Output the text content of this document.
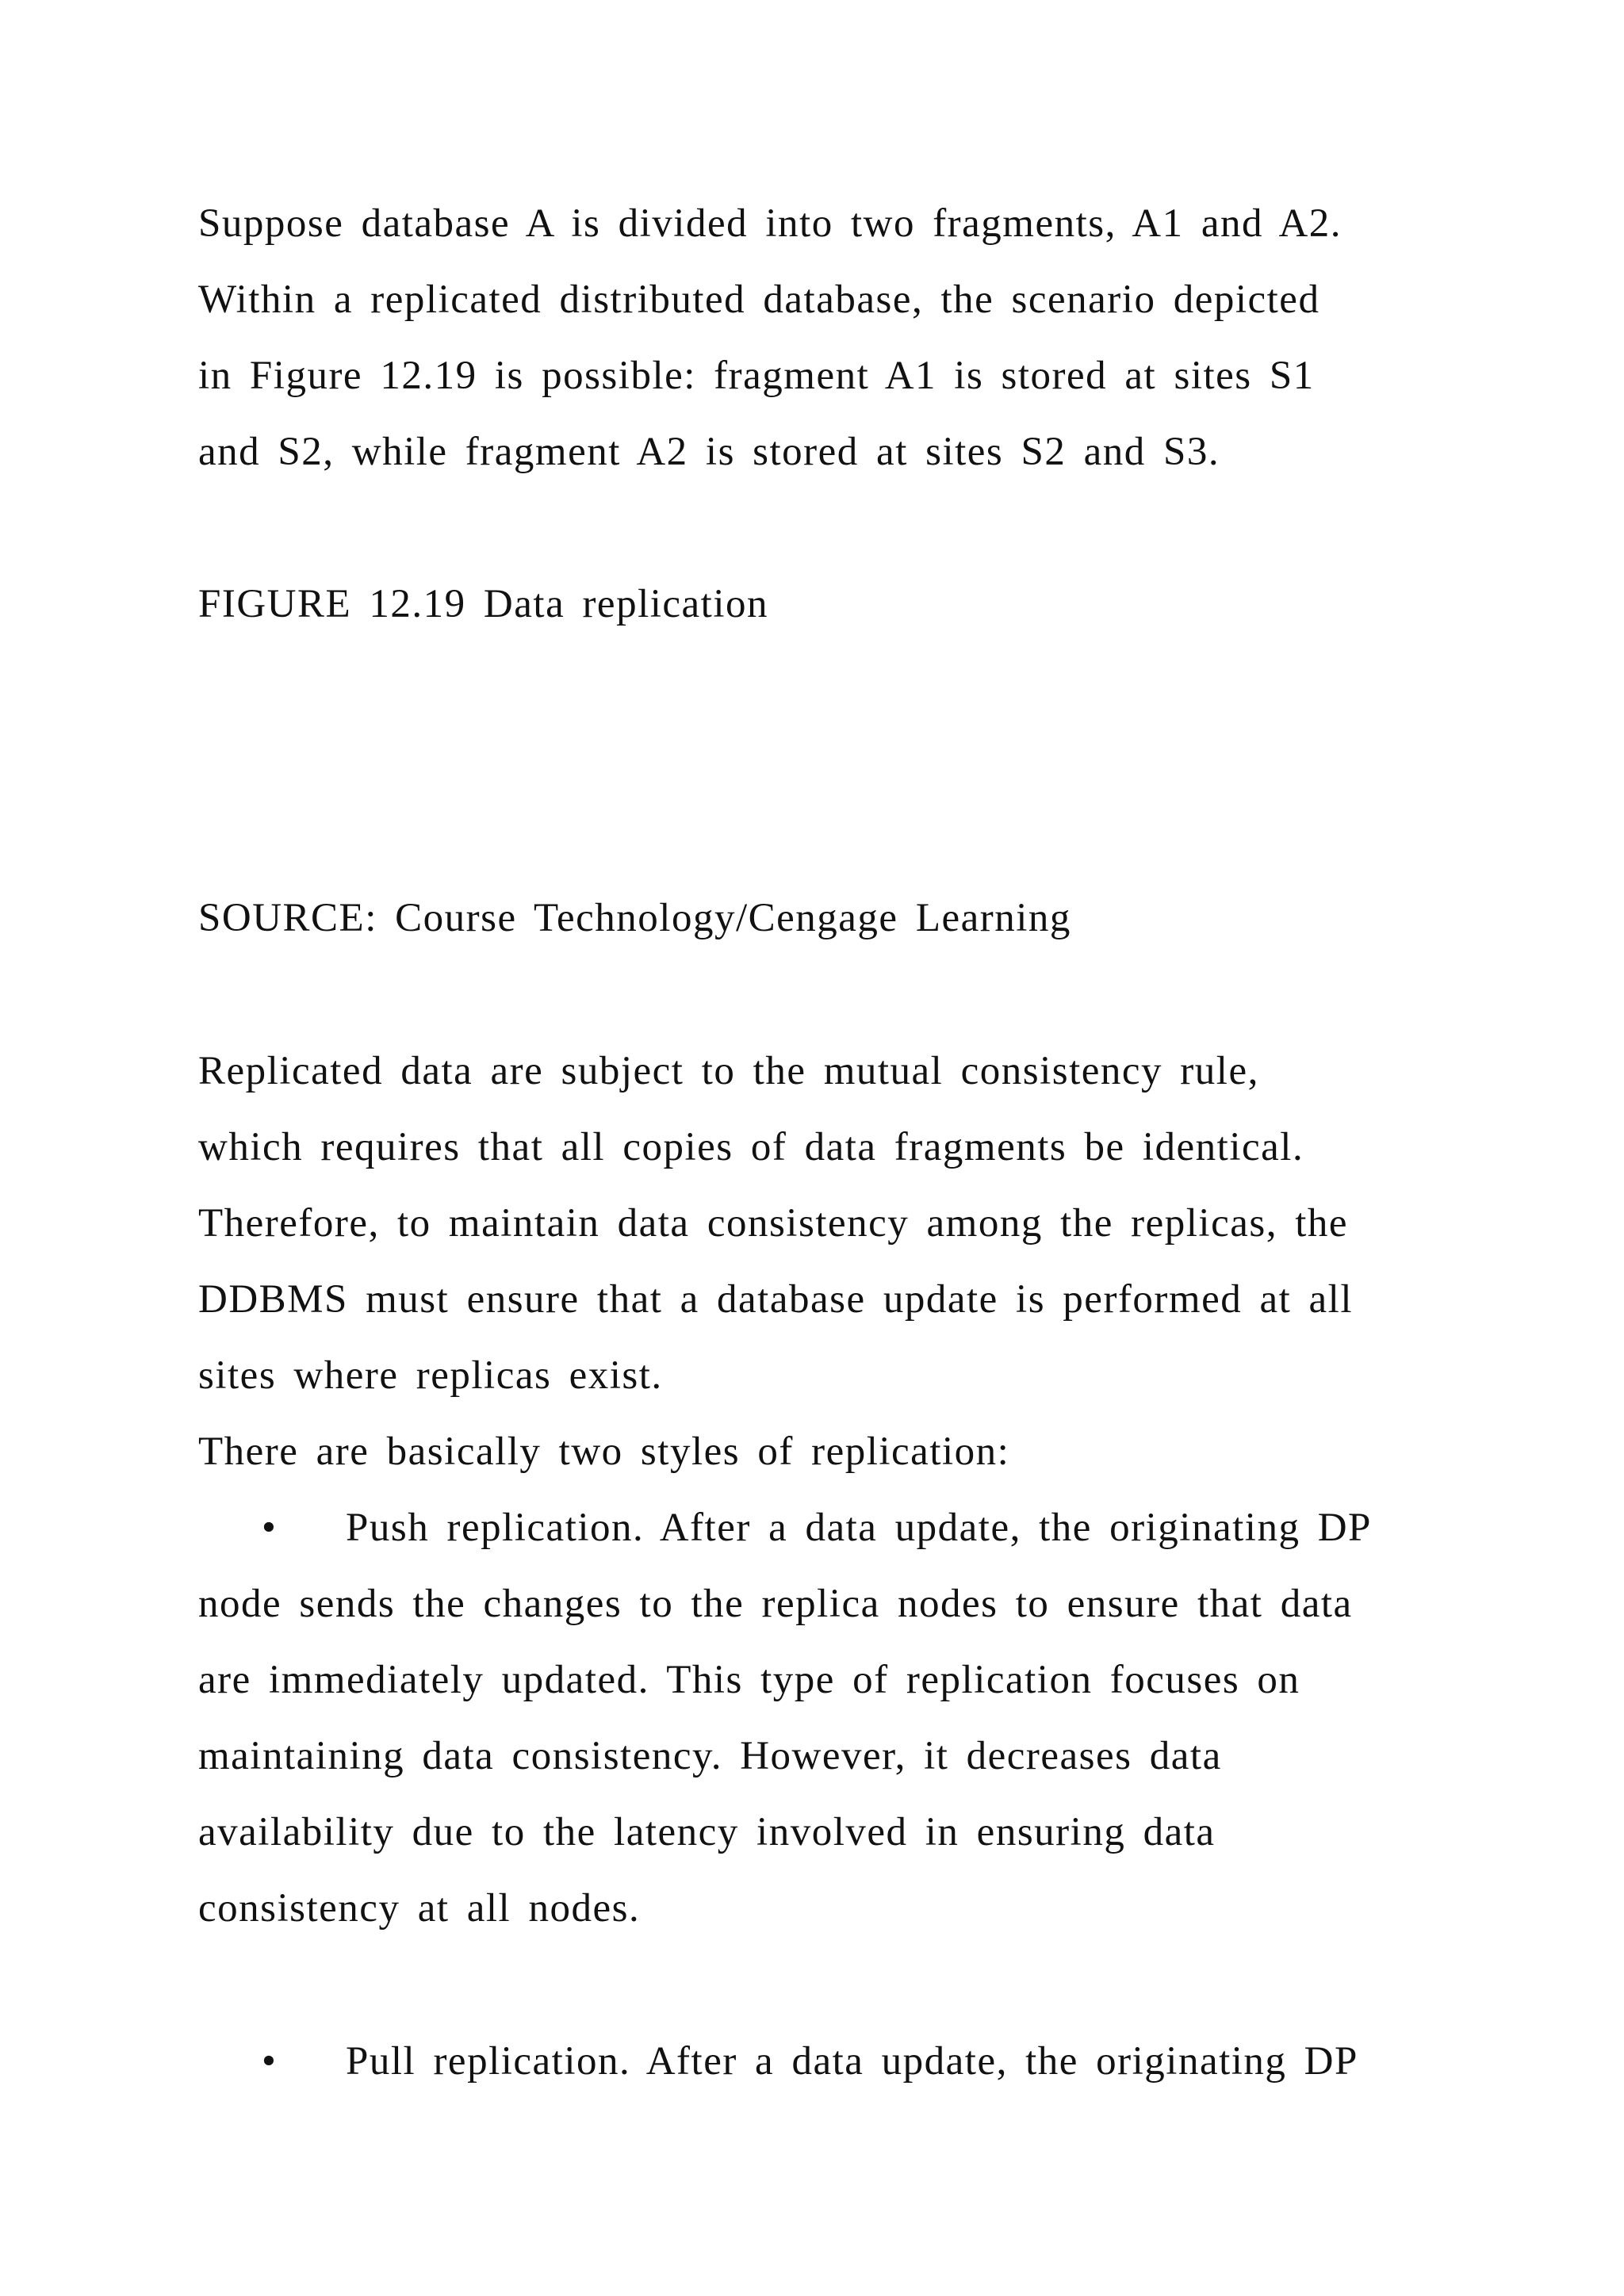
Suppose database A is divided into two fragments, A1 and A2.
Within a replicated distributed database, the scenario depicted
in Figure 12.19 is possible: fragment A1 is stored at sites S1
and S2, while fragment A2 is stored at sites S2 and S3.
FIGURE 12.19 Data replication
SOURCE: Course Technology/Cengage Learning
Replicated data are subject to the mutual consistency rule,
which requires that all copies of data fragments be identical.
Therefore, to maintain data consistency among the replicas, the
DDBMS must ensure that a database update is performed at all
sites where replicas exist.
There are basically two styles of replication:
• Push replication. After a data update, the originating DP
node sends the changes to the replica nodes to ensure that data
are immediately updated. This type of replication focuses on
maintaining data consistency. However, it decreases data
availability due to the latency involved in ensuring data
consistency at all nodes.
• Pull replication. After a data update, the originating DP
